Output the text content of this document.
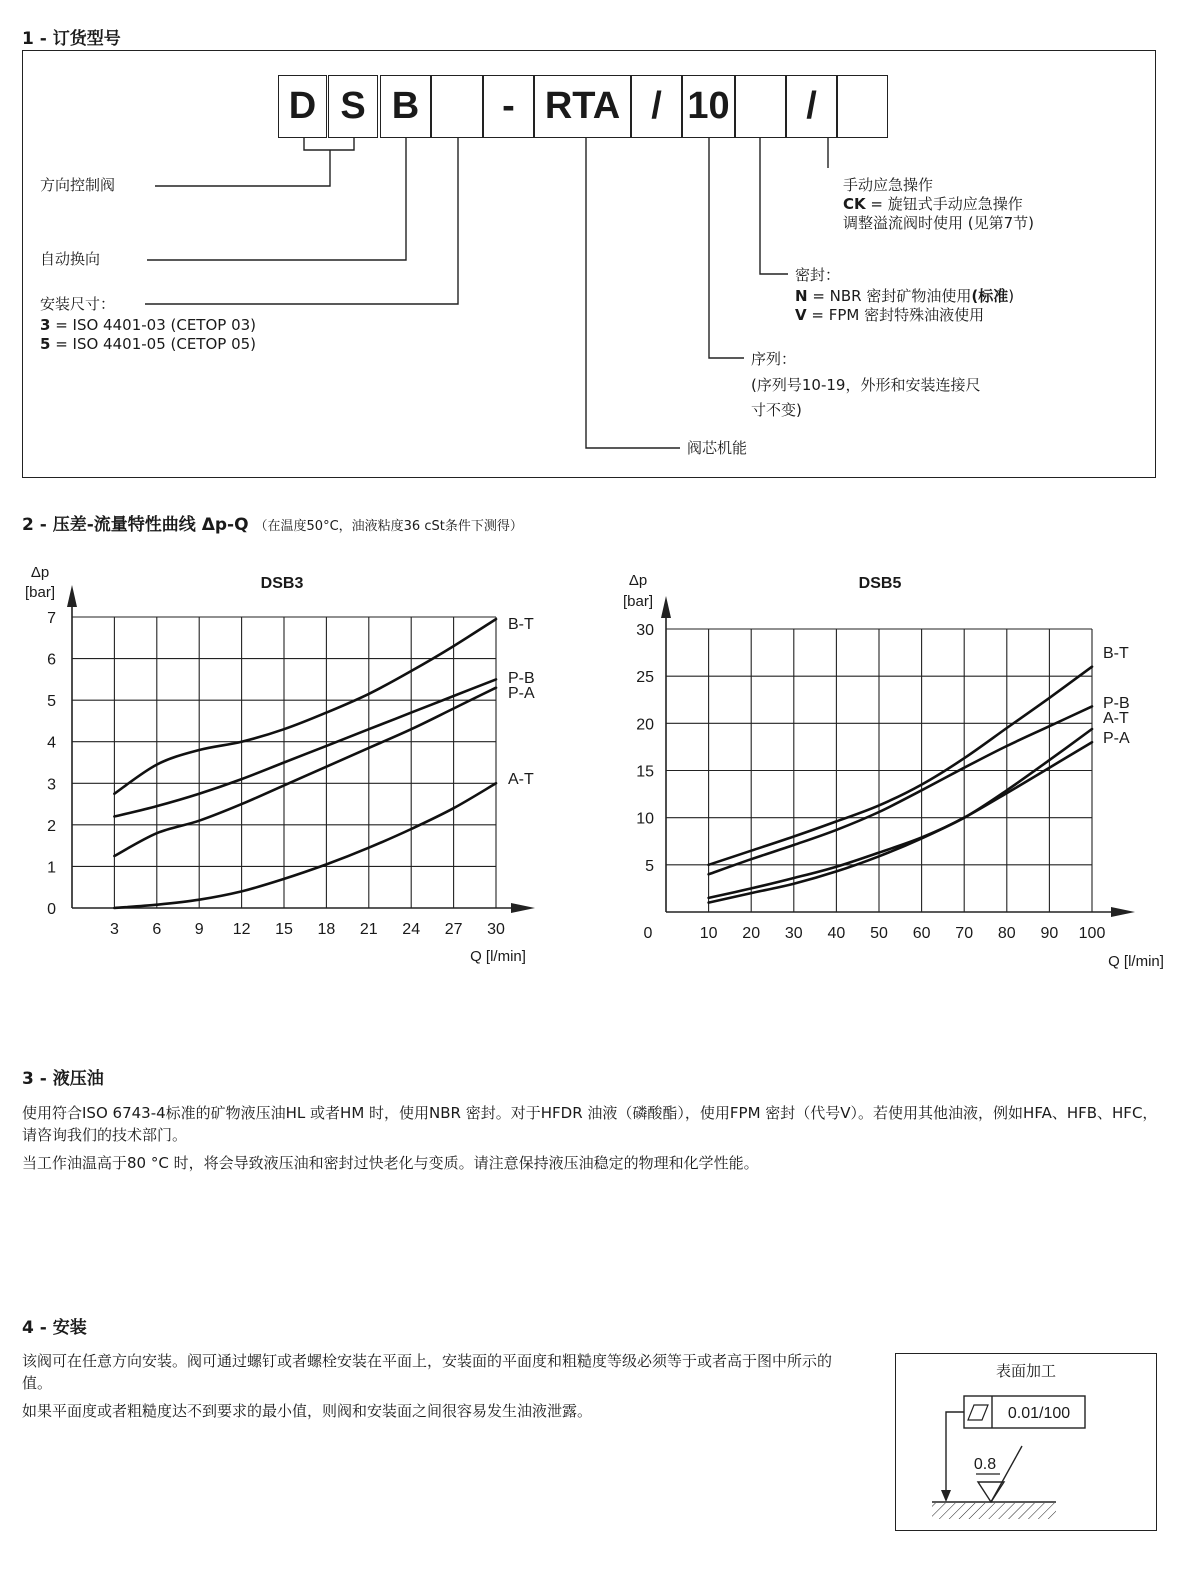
1 - 订货型号
D S B	- RTA / 10	/
方向控制阀
自动换向
安装尺寸：
3 = ISO 4401-03 (CETOP 03)
5 = ISO 4401-05 (CETOP 05)
手动应急操作
CK = 旋钮式手动应急操作
调整溢流阀时使用 (见第7节)
密封：
N = NBR 密封矿物油使用(标准)
V = FPM 密封特殊油液使用
序列：
(序列号10-19，外形和安装连接尺
寸不变)
阀芯机能
2 - 压差-流量特性曲线 Δp-Q （在温度50°C，油液粘度36 cSt条件下测得）
DSB3
Δp
[bar]
0
1
2
3
4
5
6
7
3 6 9 12 15 18 21 24 27 30
Q [l/min]
B-T
P-B
P-A
A-T
DSB5
Δp
[bar]
5
10
15
20
25
30
0	10 20 30 40 50 60 70 80 90 100
Q [l/min]
B-T
P-B
A-T
P-A
3 - 液压油

使用符合ISO 6743-4标准的矿物液压油HL 或者HM 时，使用NBR 密封。对于HFDR 油液（磷酸酯），使用FPM 密封（代号V）。若使用其他油液，例如HFA、HFB、HFC，请咨询我们的技术部门。

当工作油温高于80 °C 时，将会导致液压油和密封过快老化与变质。请注意保持液压油稳定的物理和化学性能。

4 - 安装

该阀可在任意方向安装。阀可通过螺钉或者螺栓安装在平面上，安装面的平面度和粗糙度等级必须等于或者高于图中所示的值。

如果平面度或者粗糙度达不到要求的最小值，则阀和安装面之间很容易发生油液泄露。

表面加工
0.01/100
0.8
